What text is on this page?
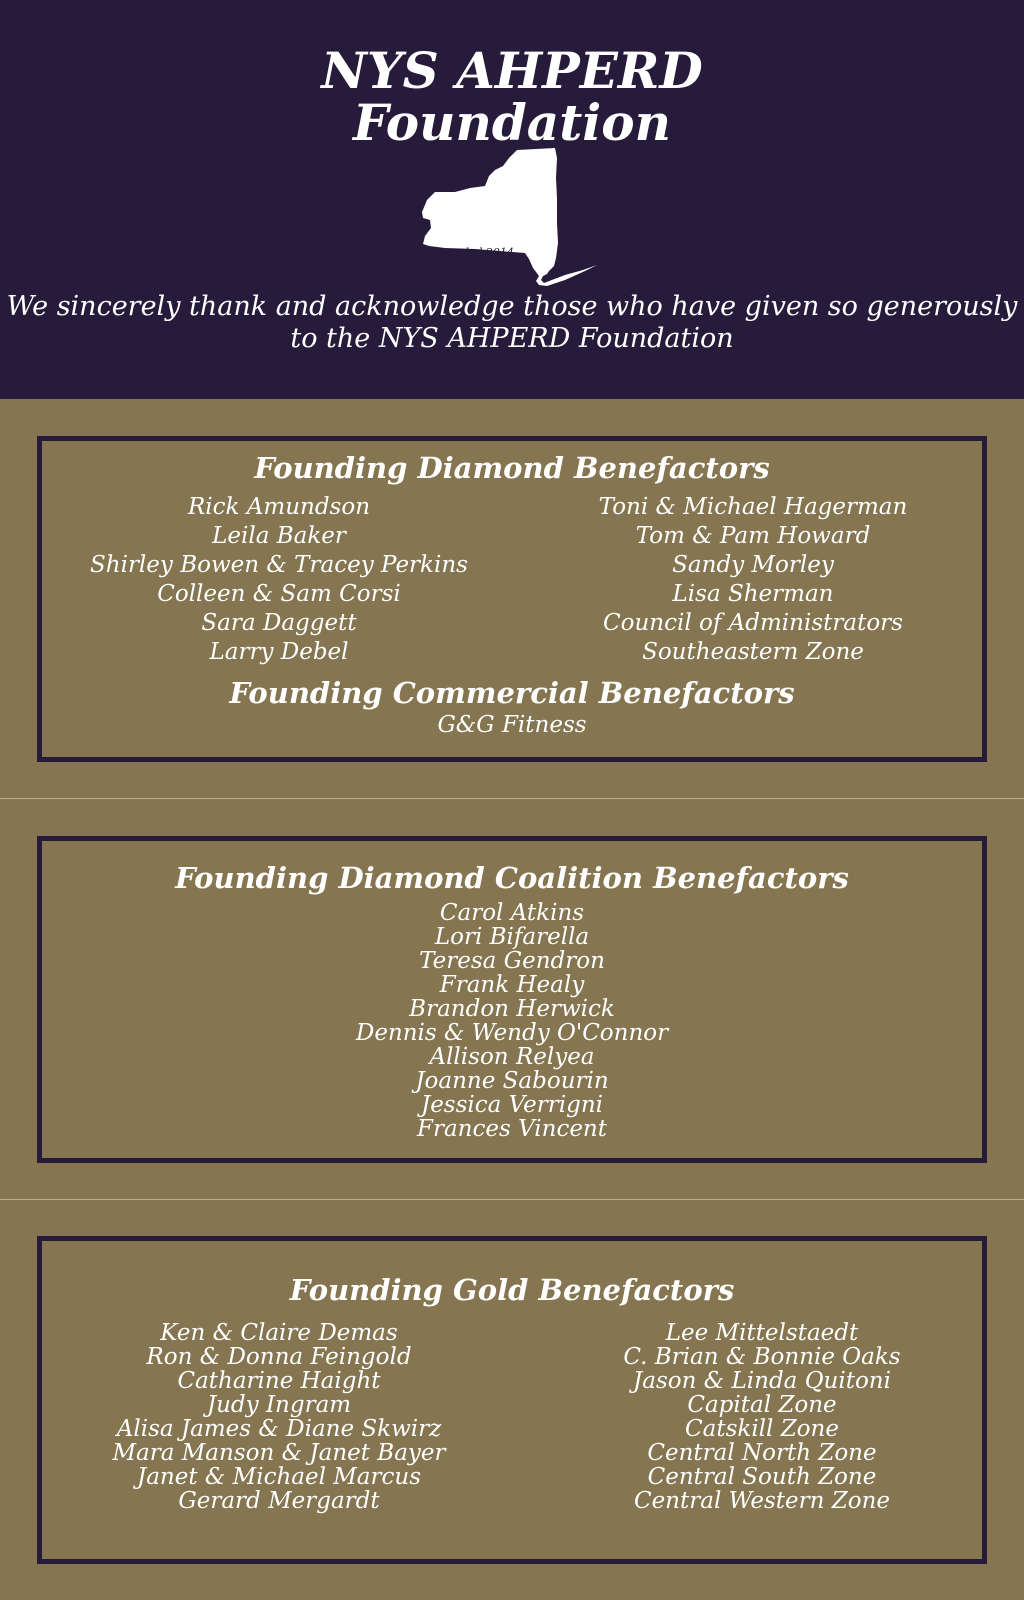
NYS AHPERD
Foundation
Founded 2014
We sincerely thank and acknowledge those who have given so generously to the NYS AHPERD Foundation
Founding Diamond Benefactors
Rick Amundson
Leila Baker
Shirley Bowen & Tracey Perkins
Colleen & Sam Corsi
Sara Daggett
Larry Debel
Toni & Michael Hagerman
Tom & Pam Howard
Sandy Morley
Lisa Sherman
Council of Administrators
Southeastern Zone
Founding Commercial Benefactors
G&G Fitness
Founding Diamond Coalition Benefactors
Carol Atkins
Lori Bifarella
Teresa Gendron
Frank Healy
Brandon Herwick
Dennis & Wendy O'Connor
Allison Relyea
Joanne Sabourin
Jessica Verrigni
Frances Vincent
Founding Gold Benefactors
Ken & Claire Demas
Ron & Donna Feingold
Catharine Haight
Judy Ingram
Alisa James & Diane Skwirz
Mara Manson & Janet Bayer
Janet & Michael Marcus
Gerard Mergardt
Lee Mittelstaedt
C. Brian & Bonnie Oaks
Jason & Linda Quitoni
Capital Zone
Catskill Zone
Central North Zone
Central South Zone
Central Western Zone
